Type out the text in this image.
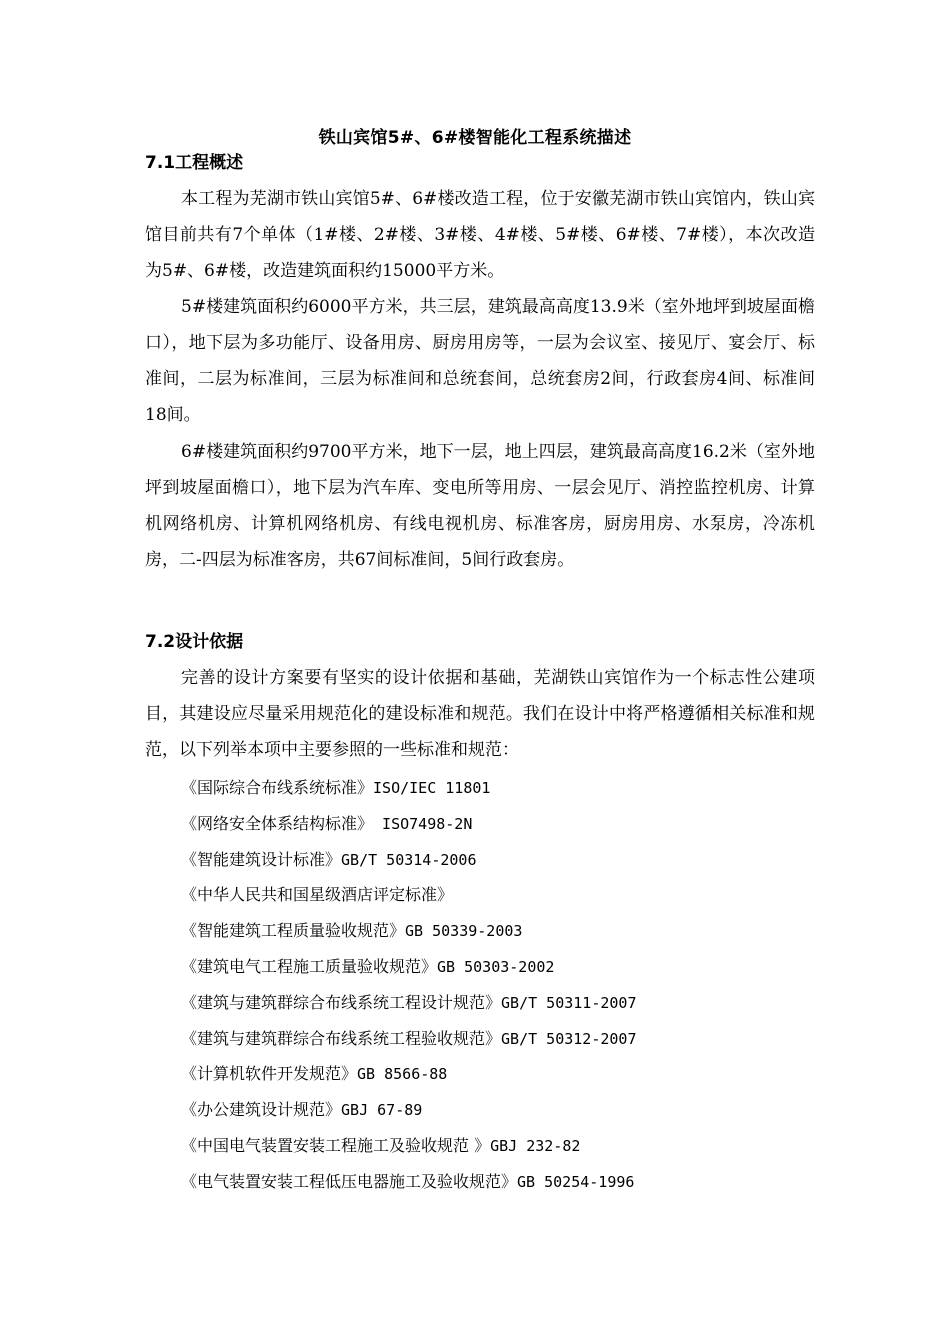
铁山宾馆5#、6#楼智能化工程系统描述
7.1工程概述

本工程为芜湖市铁山宾馆5#、6#楼改造工程，位于安徽芜湖市铁山宾馆内，铁山宾馆目前共有7个单体（1#楼、2#楼、3#楼、4#楼、5#楼、6#楼、7#楼），本次改造为5#、6#楼，改造建筑面积约15000平方米。

5#楼建筑面积约6000平方米，共三层，建筑最高高度13.9米（室外地坪到坡屋面檐口），地下层为多功能厅、设备用房、厨房用房等，一层为会议室、接见厅、宴会厅、标准间，二层为标准间，三层为标准间和总统套间，总统套房2间，行政套房4间、标准间18间。

6#楼建筑面积约9700平方米，地下一层，地上四层，建筑最高高度16.2米（室外地坪到坡屋面檐口），地下层为汽车库、变电所等用房、一层会见厅、消控监控机房、计算机网络机房、计算机网络机房、有线电视机房、标准客房，厨房用房、水泵房，冷冻机房，二-四层为标准客房，共67间标准间，5间行政套房。

7.2设计依据

完善的设计方案要有坚实的设计依据和基础，芜湖铁山宾馆作为一个标志性公建项目，其建设应尽量采用规范化的建设标准和规范。我们在设计中将严格遵循相关标准和规范，以下列举本项中主要参照的一些标准和规范：

《国际综合布线系统标准》ISO/IEC 11801
《网络安全体系结构标准》 ISO7498-2N
《智能建筑设计标准》GB/T 50314-2006
《中华人民共和国星级酒店评定标准》
《智能建筑工程质量验收规范》GB 50339-2003
《建筑电气工程施工质量验收规范》GB 50303-2002
《建筑与建筑群综合布线系统工程设计规范》GB/T 50311-2007
《建筑与建筑群综合布线系统工程验收规范》GB/T 50312-2007
《计算机软件开发规范》GB 8566-88
《办公建筑设计规范》GBJ 67-89
《中国电气装置安装工程施工及验收规范 》GBJ 232-82
《电气装置安装工程低压电器施工及验收规范》GB 50254-1996
